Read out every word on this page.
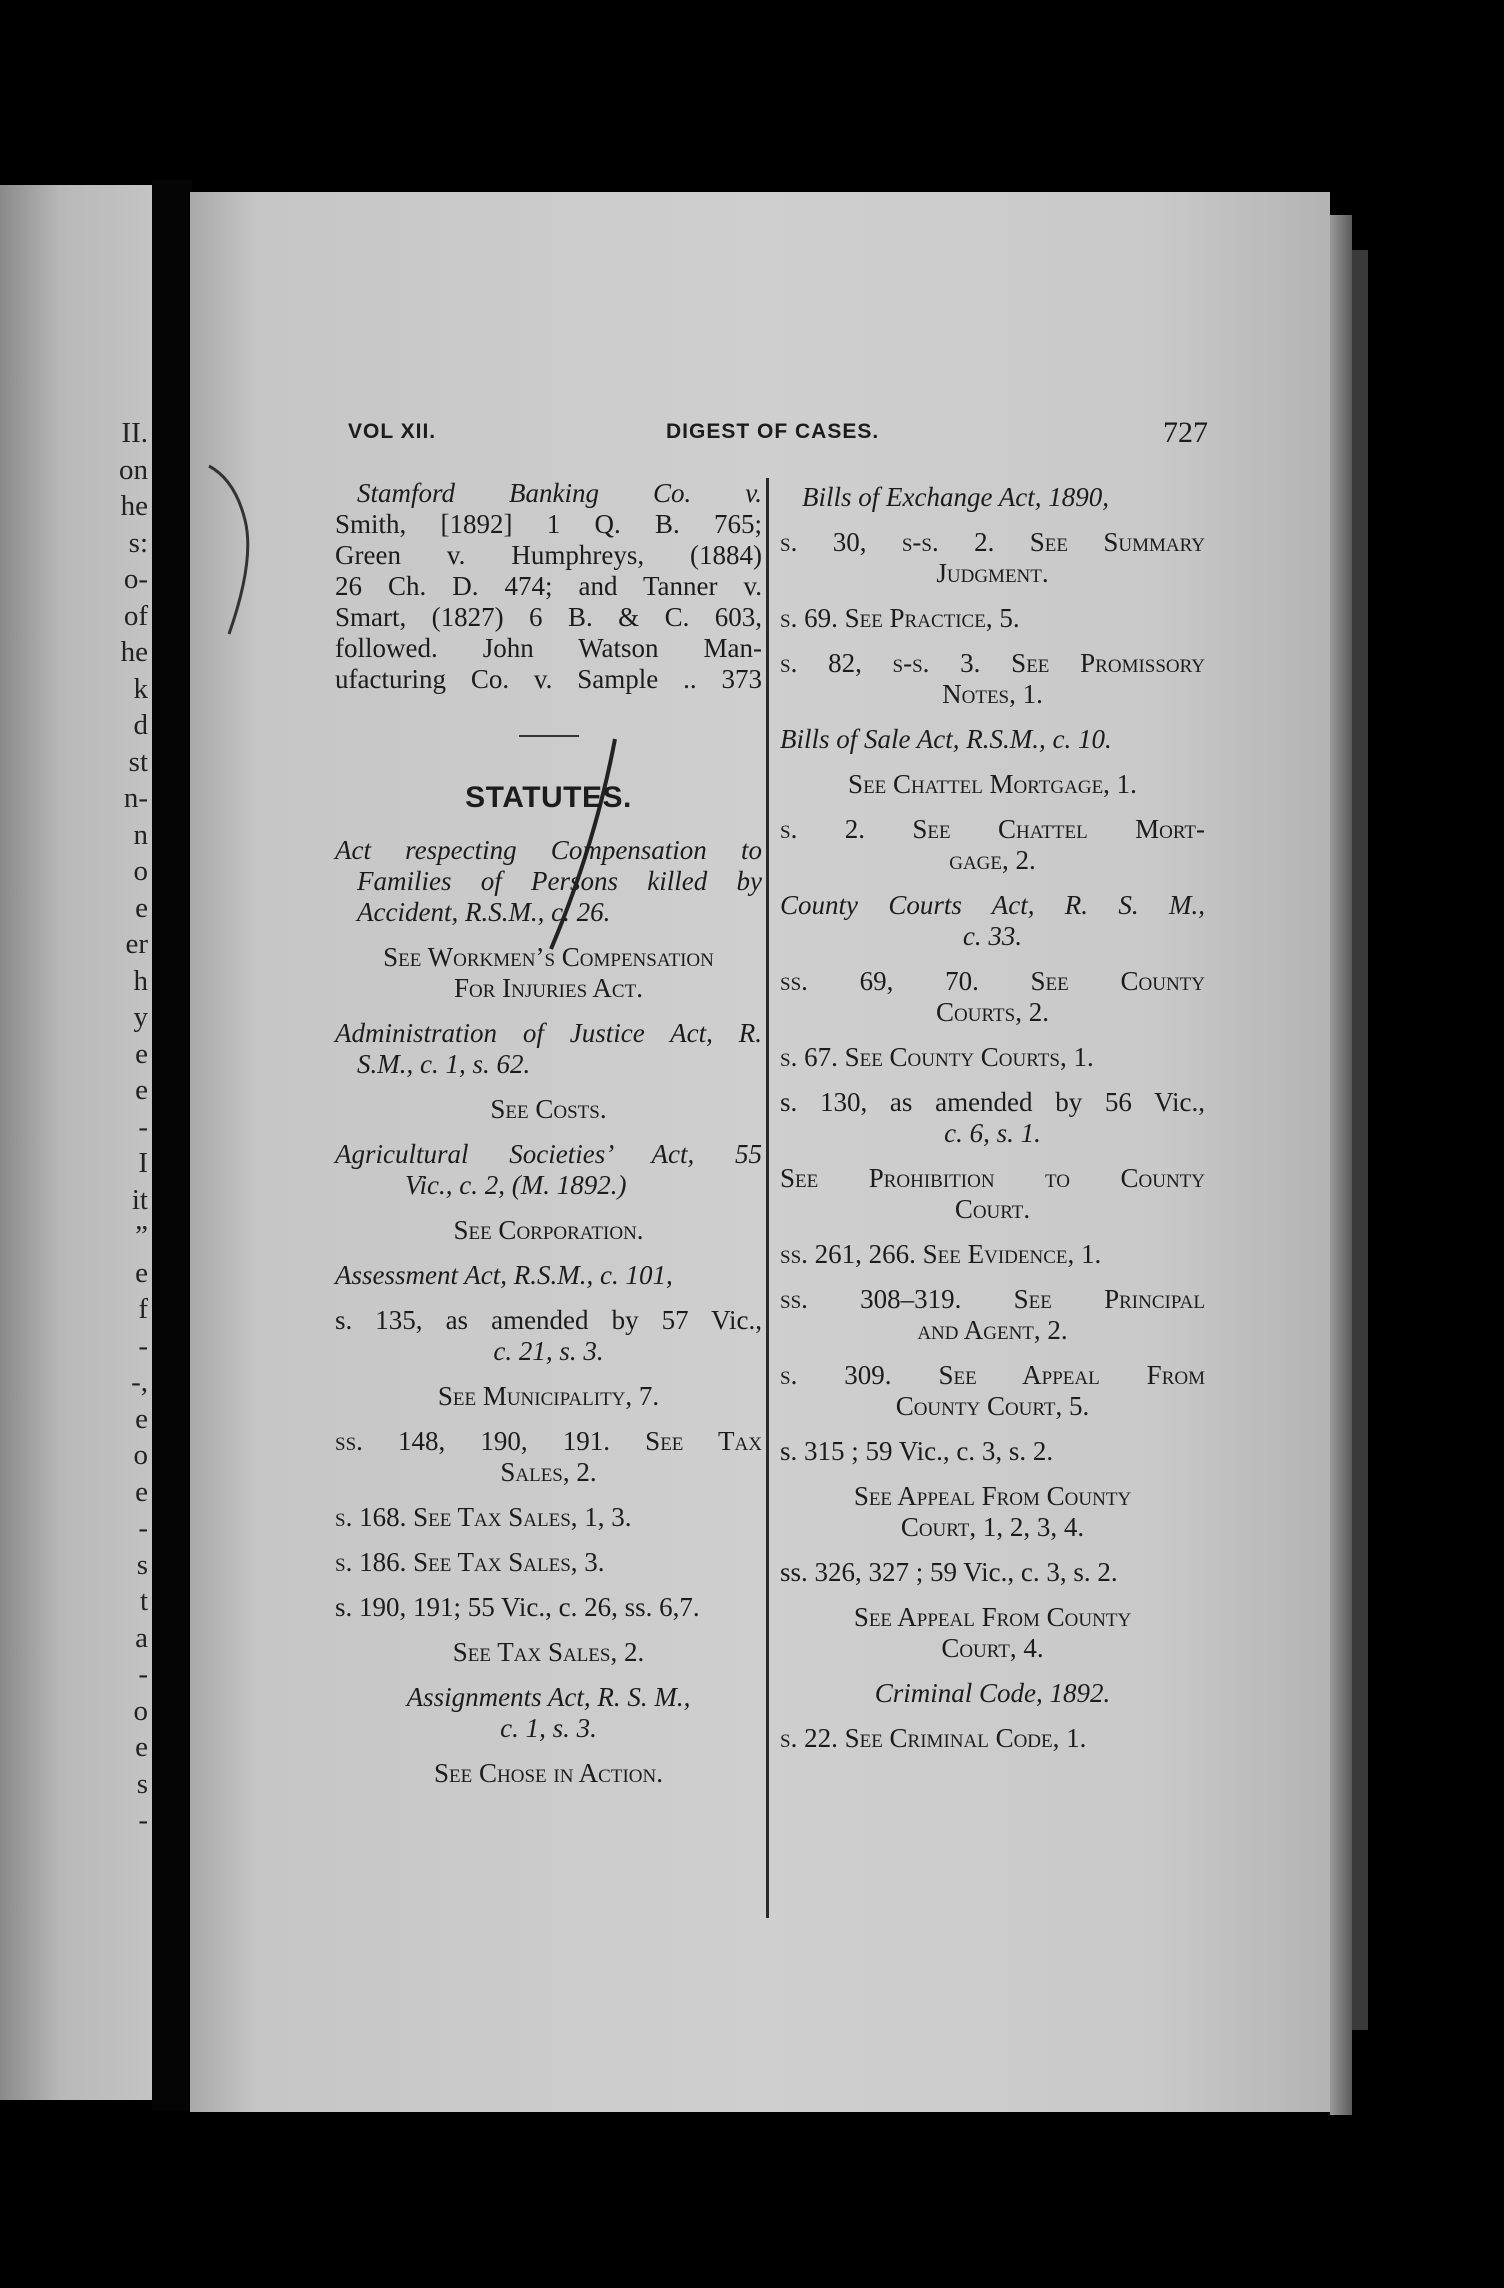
II.
on
he
s:
o-
of
he
k
d
st
n-
n
o
e
er
h
y
e
e
-
I
it
”
e
f
-
-,
e
o
e
-
s
t
a
-
o
e
s
-
VOL XII.	DIGEST OF CASES.	727
Stamford Banking Co. v.
Smith, [1892] 1 Q. B. 765;
Green v. Humphreys, (1884)
26 Ch. D. 474; and Tanner v.
Smart, (1827) 6 B. & C. 603,
followed. John Watson Man-
ufacturing Co. v. Sample .. 373
STATUTES.
Act respecting Compensation to
Families of Persons killed by
Accident, R.S.M., c. 26.
See Workmen’s Compensation
For Injuries Act.
Administration of Justice Act, R.
S.M., c. 1, s. 62.
See Costs.
Agricultural Societies’ Act, 55
Vic., c. 2, (M. 1892.)
See Corporation.
Assessment Act, R.S.M., c. 101,
s. 135, as amended by 57 Vic.,
c. 21, s. 3.
See Municipality, 7.
ss. 148, 190, 191. See Tax
Sales, 2.
s. 168. See Tax Sales, 1, 3.
s. 186. See Tax Sales, 3.
s. 190, 191; 55 Vic., c. 26, ss. 6,7.
See Tax Sales, 2.
Assignments Act, R. S. M.,
c. 1, s. 3.
See Chose in Action.
Bills of Exchange Act, 1890,
s. 30, s-s. 2. See Summary
Judgment.
s. 69. See Practice, 5.
s. 82, s-s. 3. See Promissory
Notes, 1.
Bills of Sale Act, R.S.M., c. 10.
See Chattel Mortgage, 1.
s. 2. See Chattel Mort-
gage, 2.
County Courts Act, R. S. M.,
c. 33.
ss. 69, 70. See County
Courts, 2.
s. 67. See County Courts, 1.
s. 130, as amended by 56 Vic.,
c. 6, s. 1.
See Prohibition to County
Court.
ss. 261, 266. See Evidence, 1.
ss. 308–319. See Principal
and Agent, 2.
s. 309. See Appeal From
County Court, 5.
s. 315 ; 59 Vic., c. 3, s. 2.
See Appeal From County
Court, 1, 2, 3, 4.
ss. 326, 327 ; 59 Vic., c. 3, s. 2.
See Appeal From County
Court, 4.
Criminal Code, 1892.
s. 22. See Criminal Code, 1.
